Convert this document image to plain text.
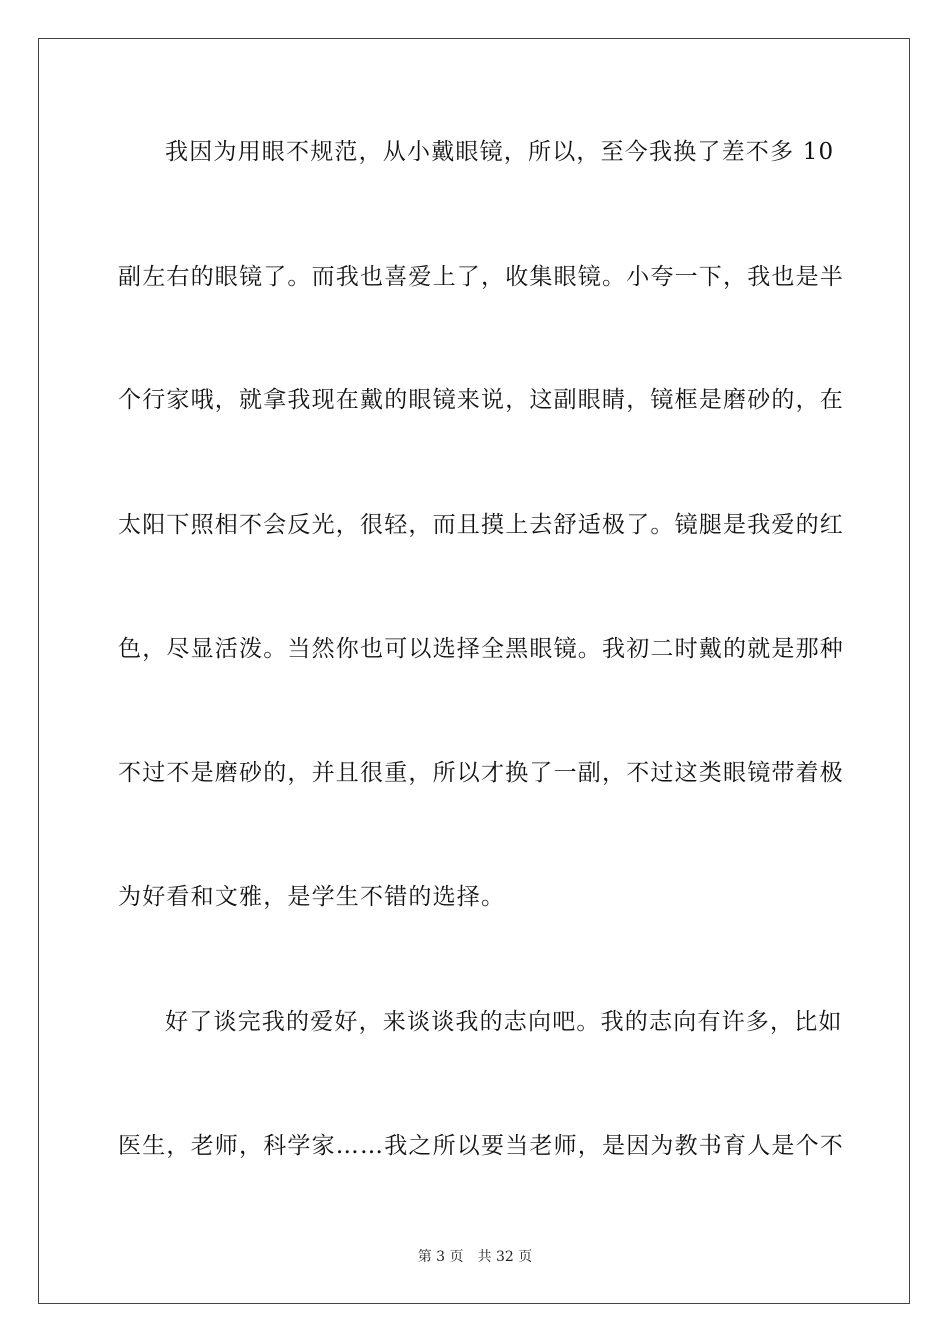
我因为用眼不规范，从小戴眼镜，所以，至今我换了差不多 10
副左右的眼镜了。而我也喜爱上了，收集眼镜。小夸一下，我也是半
个行家哦，就拿我现在戴的眼镜来说，这副眼睛，镜框是磨砂的，在
太阳下照相不会反光，很轻，而且摸上去舒适极了。镜腿是我爱的红
色，尽显活泼。当然你也可以选择全黑眼镜。我初二时戴的就是那种
不过不是磨砂的，并且很重，所以才换了一副，不过这类眼镜带着极
为好看和文雅，是学生不错的选择。
好了谈完我的爱好，来谈谈我的志向吧。我的志向有许多，比如
医生，老师，科学家……我之所以要当老师，是因为教书育人是个不
第 3 页 共 32 页
